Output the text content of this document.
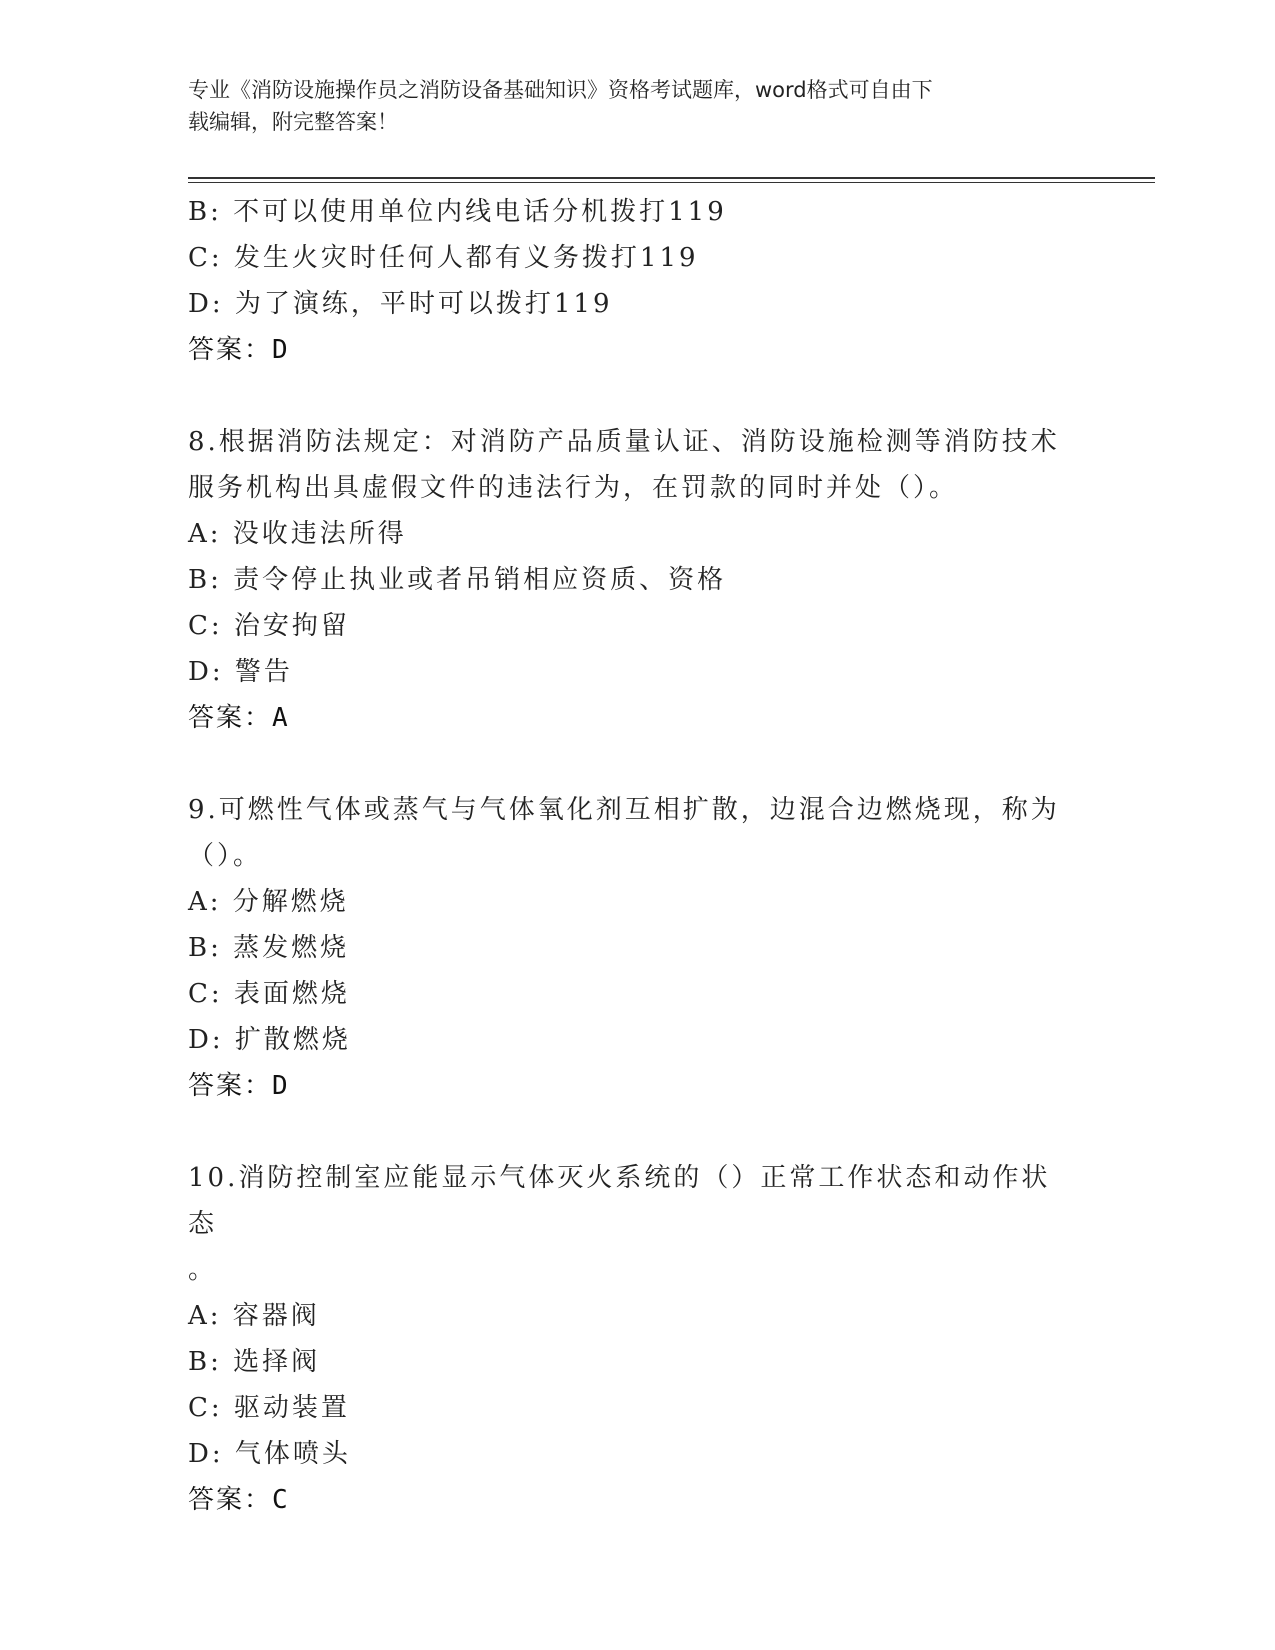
专业《消防设施操作员之消防设备基础知识》资格考试题库，word格式可自由下
载编辑，附完整答案！
B: 不可以使用单位内线电话分机拨打119
C: 发生火灾时任何人都有义务拨打119
D: 为了演练，平时可以拨打119
答案：D
8.根据消防法规定：对消防产品质量认证、消防设施检测等消防技术
服务机构出具虚假文件的违法行为，在罚款的同时并处（）。
A: 没收违法所得
B: 责令停止执业或者吊销相应资质、资格
C: 治安拘留
D: 警告
答案：A
9.可燃性气体或蒸气与气体氧化剂互相扩散，边混合边燃烧现，称为
（）。
A: 分解燃烧
B: 蒸发燃烧
C: 表面燃烧
D: 扩散燃烧
答案：D
10.消防控制室应能显示气体灭火系统的（）正常工作状态和动作状态
。
A: 容器阀
B: 选择阀
C: 驱动装置
D: 气体喷头
答案：C
